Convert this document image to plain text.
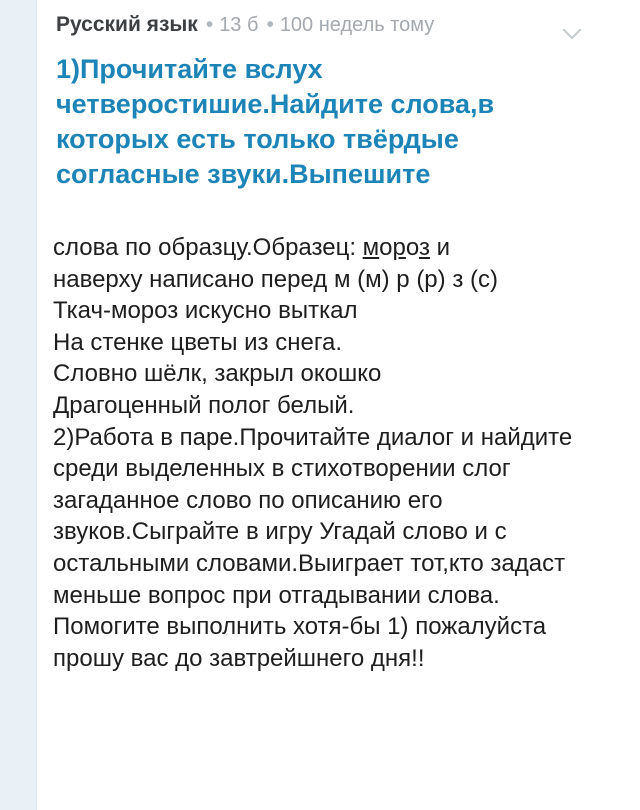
Русский язык • 13 б • 100 недель тому
1)Прочитайте вслух четверостишие.Найдите слова,в которых есть только твёрдые согласные звуки.Выпешите

слова по образцу.Образец: мороз и

наверху написано перед м (м) р (р) з (с)

Ткач-мороз искусно выткал

На стенке цветы из снега.

Словно шёлк, закрыл окошко

Драгоценный полог белый.

2)Работа в паре.Прочитайте диалог и найдите среди выделенных в стихотворении слог загаданное слово по описанию его звуков.Сыграйте в игру Угадай слово и с остальными словами.Выиграет тот,кто задаст меньше вопрос при отгадывании слова.

Помогите выполнить хотя-бы 1) пожалуйста прошу вас до завтрейшнего дня!!
